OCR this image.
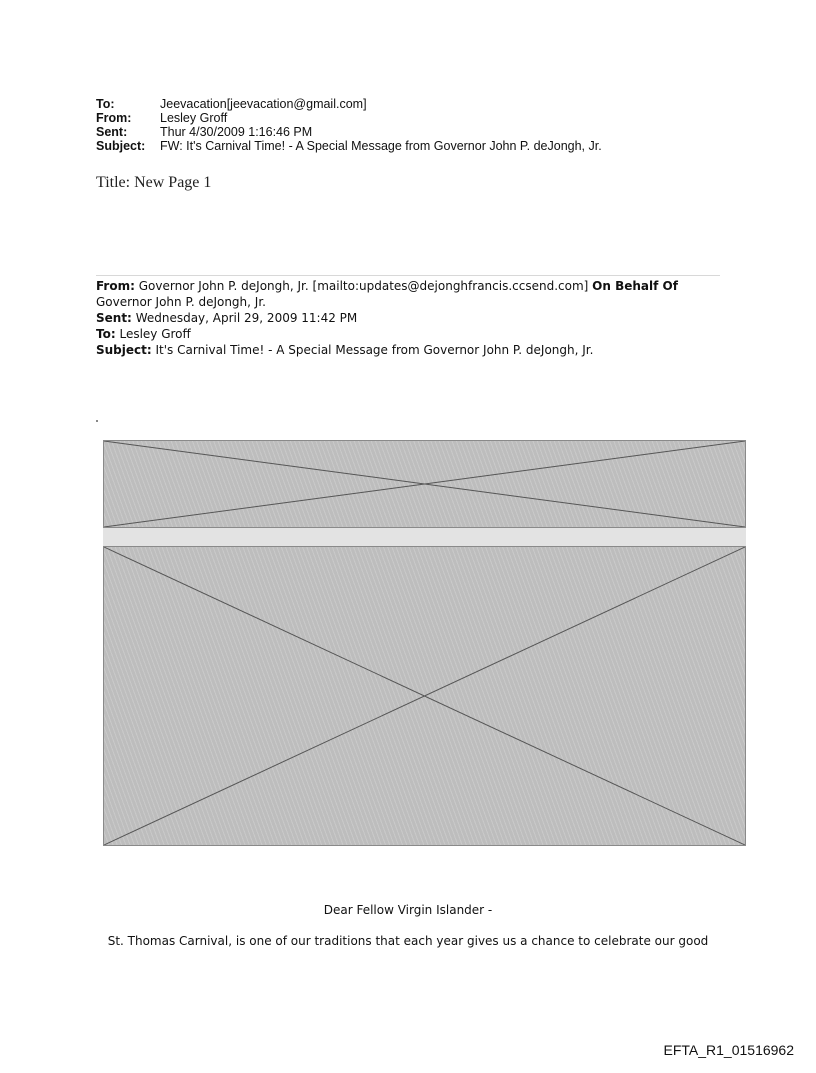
To:	Jeevacation[jeevacation@gmail.com]
From:	Lesley Groff
Sent:	Thur 4/30/2009 1:16:46 PM
Subject:	FW: It's Carnival Time! - A Special Message from Governor John P. deJongh, Jr.
Title: New Page 1
From: Governor John P. deJongh, Jr. [mailto:updates@dejonghfrancis.ccsend.com] On Behalf Of
Governor John P. deJongh, Jr.
Sent: Wednesday, April 29, 2009 11:42 PM
To: Lesley Groff
Subject: It's Carnival Time! - A Special Message from Governor John P. deJongh, Jr.
Dear Fellow Virgin Islander -
St. Thomas Carnival, is one of our traditions that each year gives us a chance to celebrate our good
EFTA_R1_01516962
